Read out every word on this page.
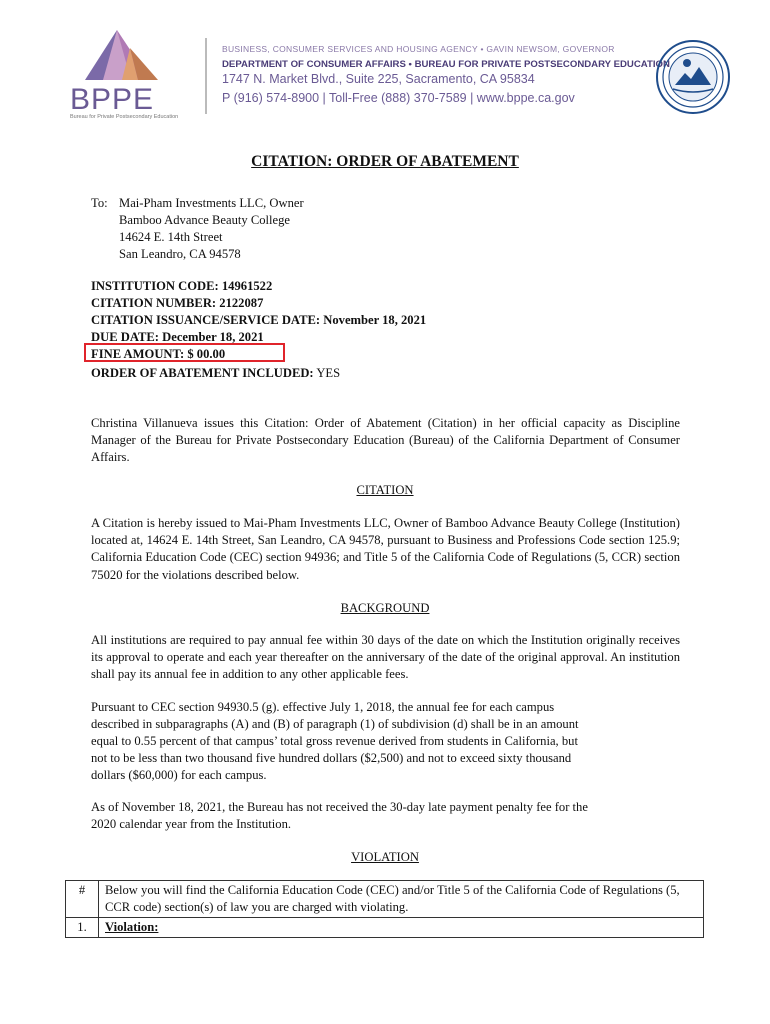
BPPE
Bureau for Private Postsecondary Education
BUSINESS, CONSUMER SERVICES AND HOUSING AGENCY • GAVIN NEWSOM, GOVERNOR
DEPARTMENT OF CONSUMER AFFAIRS • BUREAU FOR PRIVATE POSTSECONDARY EDUCATION
1747 N. Market Blvd., Suite 225, Sacramento, CA 95834
P (916) 574-8900 | Toll-Free (888) 370-7589 | www.bppe.ca.gov
CITATION: ORDER OF ABATEMENT
To: Mai-Pham Investments LLC, Owner
Bamboo Advance Beauty College
14624 E. 14th Street
San Leandro, CA 94578
INSTITUTION CODE: 14961522
CITATION NUMBER: 2122087
CITATION ISSUANCE/SERVICE DATE: November 18, 2021
DUE DATE: December 18, 2021
FINE AMOUNT: $ 00.00
ORDER OF ABATEMENT INCLUDED: YES
Christina Villanueva issues this Citation: Order of Abatement (Citation) in her official capacity as Discipline Manager of the Bureau for Private Postsecondary Education (Bureau) of the California Department of Consumer Affairs.
CITATION
A Citation is hereby issued to Mai-Pham Investments LLC, Owner of Bamboo Advance Beauty College (Institution) located at, 14624 E. 14th Street, San Leandro, CA 94578, pursuant to Business and Professions Code section 125.9; California Education Code (CEC) section 94936; and Title 5 of the California Code of Regulations (5, CCR) section 75020 for the violations described below.
BACKGROUND
All institutions are required to pay annual fee within 30 days of the date on which the Institution originally receives its approval to operate and each year thereafter on the anniversary of the date of the original approval. An institution shall pay its annual fee in addition to any other applicable fees.
Pursuant to CEC section 94930.5 (g). effective July 1, 2018, the annual fee for each campus
described in subparagraphs (A) and (B) of paragraph (1) of subdivision (d) shall be in an amount
equal to 0.55 percent of that campus’ total gross revenue derived from students in California, but
not to be less than two thousand five hundred dollars ($2,500) and not to exceed sixty thousand
dollars ($60,000) for each campus.
As of November 18, 2021, the Bureau has not received the 30-day late payment penalty fee for the
2020 calendar year from the Institution.
VIOLATION
#	Below you will find the California Education Code (CEC) and/or Title 5 of the California Code of Regulations (5, CCR code) section(s) of law you are charged with violating.
1.	Violation:
